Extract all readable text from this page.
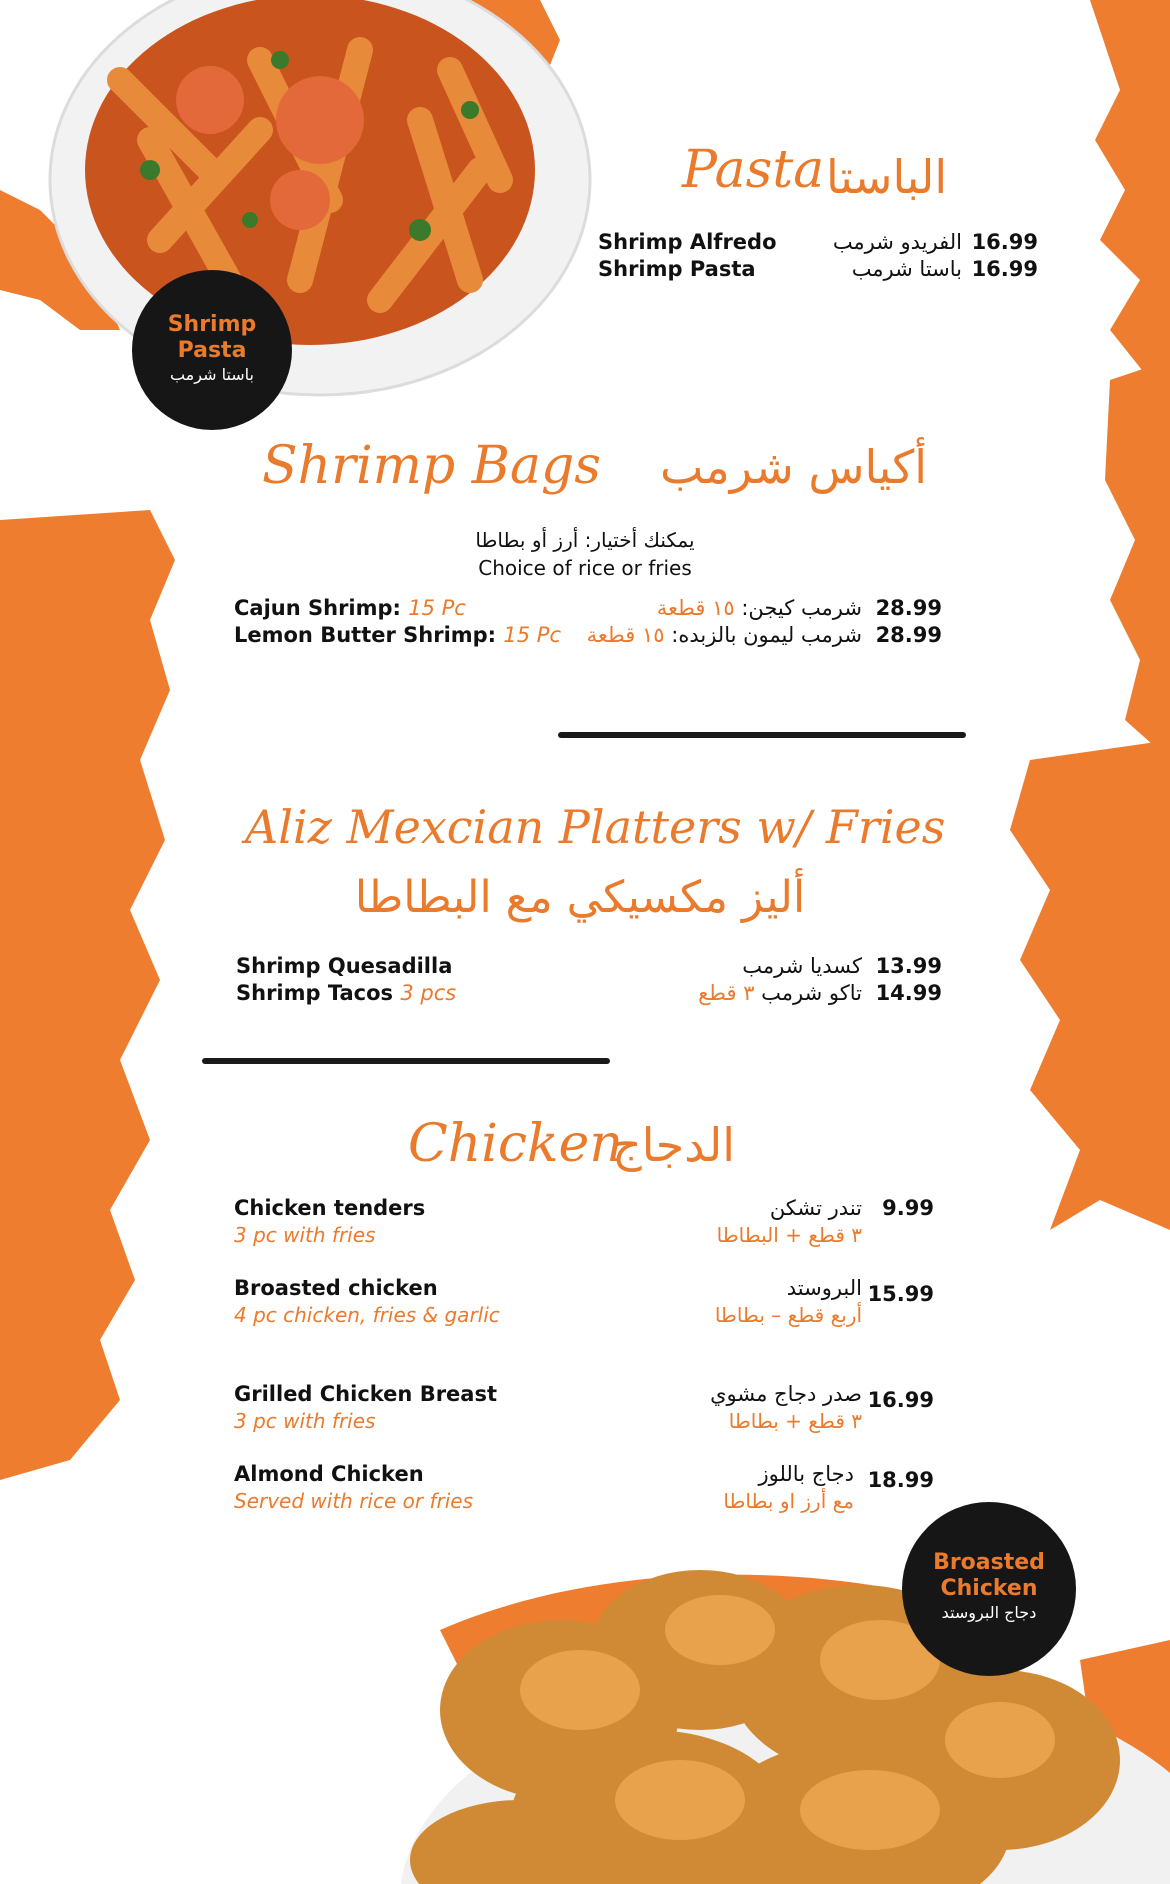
Shrimp
Pasta
باستا شرمب
Pasta الباستا
Shrimp Alfredo	الفريدو شرمب 16.99
Shrimp Pasta	باستا شرمب 16.99
Shrimp Bags أكياس شرمب
يمكنك أختيار: أرز أو بطاطا
Choice of rice or fries
Cajun Shrimp: 15 Pc	شرمب كيجن: ١٥ قطعة	28.99
Lemon Butter Shrimp: 15 Pc	شرمب ليمون بالزبده: ١٥ قطعة	28.99
Aliz Mexcian Platters w/ Fries
أليز مكسيكي مع البطاطا
Shrimp Quesadilla	كسديا شرمب 13.99
Shrimp Tacos 3 pcs	تاكو شرمب ٣ قطع	14.99
Chicken
الدجاج
Chicken tenders
3 pc with fries
تندر تشكن
٣ قطع + البطاطا
9.99
Broasted chicken
4 pc chicken, fries & garlic
البروستد
أربع قطع – بطاطا
15.99
Grilled Chicken Breast
3 pc with fries
صدر دجاج مشوي
٣ قطع + بطاطا
16.99
Almond Chicken
Served with rice or fries
دجاج باللوز
مع أرز او بطاطا
18.99
Broasted
Chicken
دجاج البروستد
